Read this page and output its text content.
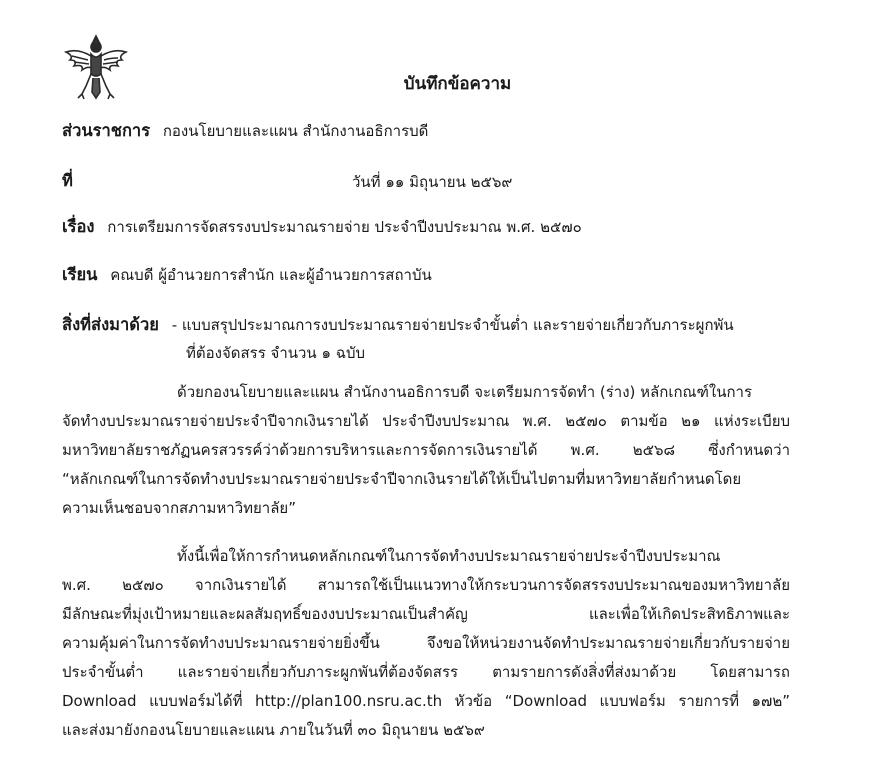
บันทึกข้อความ
ส่วนราชการ กองนโยบายและแผน สำนักงานอธิการบดี
ที่	วันที่ ๑๑ มิถุนายน ๒๕๖๙
เรื่อง การเตรียมการจัดสรรงบประมาณรายจ่าย ประจำปีงบประมาณ พ.ศ. ๒๕๗๐
เรียน คณบดี ผู้อำนวยการสำนัก และผู้อำนวยการสถาบัน
สิ่งที่ส่งมาด้วย - แบบสรุปประมาณการงบประมาณรายจ่ายประจำขั้นต่ำ และรายจ่ายเกี่ยวกับภาระผูกพัน
ที่ต้องจัดสรร จำนวน ๑ ฉบับ
ด้วยกองนโยบายและแผน สำนักงานอธิการบดี จะเตรียมการจัดทำ (ร่าง) หลักเกณฑ์ในการ
จัดทำงบประมาณรายจ่ายประจำปีจากเงินรายได้ ประจำปีงบประมาณ พ.ศ. ๒๕๗๐ ตามข้อ ๒๑ แห่งระเบียบ
มหาวิทยาลัยราชภัฏนครสวรรค์ว่าด้วยการบริหารและการจัดการเงินรายได้ พ.ศ. ๒๕๖๘ ซึ่งกำหนดว่า
“หลักเกณฑ์ในการจัดทำงบประมาณรายจ่ายประจำปีจากเงินรายได้ให้เป็นไปตามที่มหาวิทยาลัยกำหนดโดย
ความเห็นชอบจากสภามหาวิทยาลัย”
ทั้งนี้เพื่อให้การกำหนดหลักเกณฑ์ในการจัดทำงบประมาณรายจ่ายประจำปีงบประมาณ
พ.ศ. ๒๕๗๐ จากเงินรายได้ สามารถใช้เป็นแนวทางให้กระบวนการจัดสรรงบประมาณของมหาวิทยาลัย
มีลักษณะที่มุ่งเป้าหมายและผลสัมฤทธิ์ของงบประมาณเป็นสำคัญ และเพื่อให้เกิดประสิทธิภาพและ
ความคุ้มค่าในการจัดทำงบประมาณรายจ่ายยิ่งขึ้น จึงขอให้หน่วยงานจัดทำประมาณรายจ่ายเกี่ยวกับรายจ่าย
ประจำขั้นต่ำ และรายจ่ายเกี่ยวกับภาระผูกพันที่ต้องจัดสรร ตามรายการดังสิ่งที่ส่งมาด้วย โดยสามารถ
Download แบบฟอร์มได้ที่ http://plan100.nsru.ac.th หัวข้อ “Download แบบฟอร์ม รายการที่ ๑๗๒”
และส่งมายังกองนโยบายและแผน ภายในวันที่ ๓๐ มิถุนายน ๒๕๖๙
